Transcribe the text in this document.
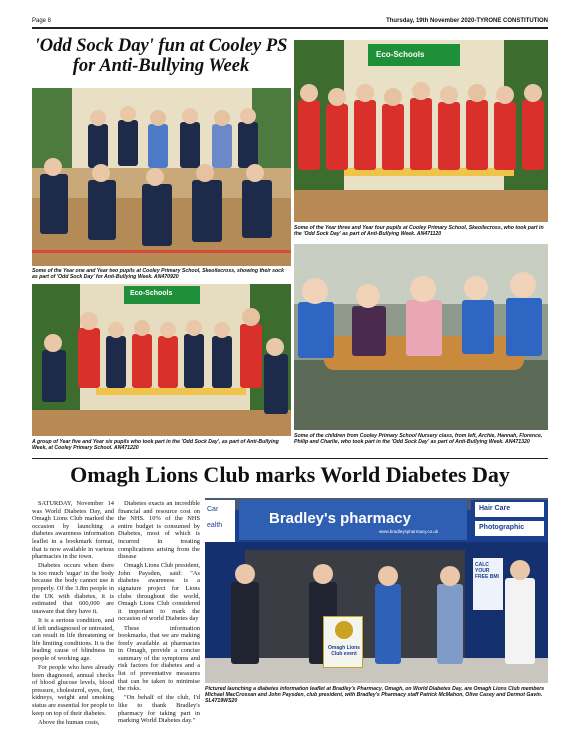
Page 8	Thursday, 19th November 2020-TYRONE CONSTITUTION
'Odd Sock Day' fun at Cooley PS for Anti-Bullying Week
Some of the Year one and Year two pupils at Cooley Primary School, Skeoilecross, showing their sock as part of 'Odd Sock Day' for Anti-Bullying Week. AN470920
Eco-Schools
Some of the Year three and Year four pupils at Cooley Primary School, Skeoilecross, who took part in the 'Odd Sock Day' as part of Anti-Bullying Week. AN471120
Eco-Schools
A group of Year five and Year six pupils who took part in the 'Odd Sock Day', as part of Anti-Bullying Week, at Cooley Primary School. AN471220
Some of the children from Cooley Primary School Nursery class, from left, Archie, Hannah, Florence, Philip and Charlie, who took part in the 'Odd Sock Day' as part of Anti-Bullying Week. AN471320
Omagh Lions Club marks World Diabetes Day

SATURDAY, November 14 was World Diabetes Day, and Omagh Lions Club marked the occasion by launching a diabetes awareness information leaflet in a bookmark format, that is now available in various pharmacies in the town.

Diabetes occurs when there is too much 'sugar' in the body because the body cannot use it properly. Of the 3.8m people in the UK with diabetes, it is estimated that 600,000 are unaware that they have it.

It is a serious condition, and if left undiagnosed or untreated, can result in life threatening or life limiting conditions. It is the leading cause of blindness in people of working age.

For people who have already been diagnosed, annual checks of blood glucose levels, blood pressure, cholesterol, eyes, feet, kidneys, weight and smoking status are essential for people to keep on top of their diabetes.

Above the human costs,

Diabetes exacts an incredible financial and resource cost on the NHS. 10% of the NHS entire budget is consumed by Diabetes, most of which is incurred in treating complications arising from the disease

Omagh Lions Club president, John Paysden, said: "As diabetes awareness is a signature project for Lions clubs throughout the world, Omagh Lions Club considered it important to mark the occasion of world Diabetes day

These information bookmarks, that we are making freely available at pharmacies in Omagh, provide a concise summary of the symptoms and risk factors for diabetes and a list of preventative measures that can be taken to minimise the risks.

"On behalf of the club, I'd like to thank Bradley's pharmacy for taking part in marking World Diabetes day."

Car
ealth	Bradley's pharmacy
www.bradleyspharmacy.co.uk
Hair Care
Photographic
CALC YOUR FREE BMI
Omagh Lions Club event
Pictured launching a diabetes information leaflet at Bradley's Pharmacy, Omagh, on World Diabetes Day, are Omagh Lions Club members Michael MacCrossan and John Paysden, club president, with Bradley's Pharmacy staff Patrick McMahon, Olive Casey and Dermot Gavin. SL4719WS20
